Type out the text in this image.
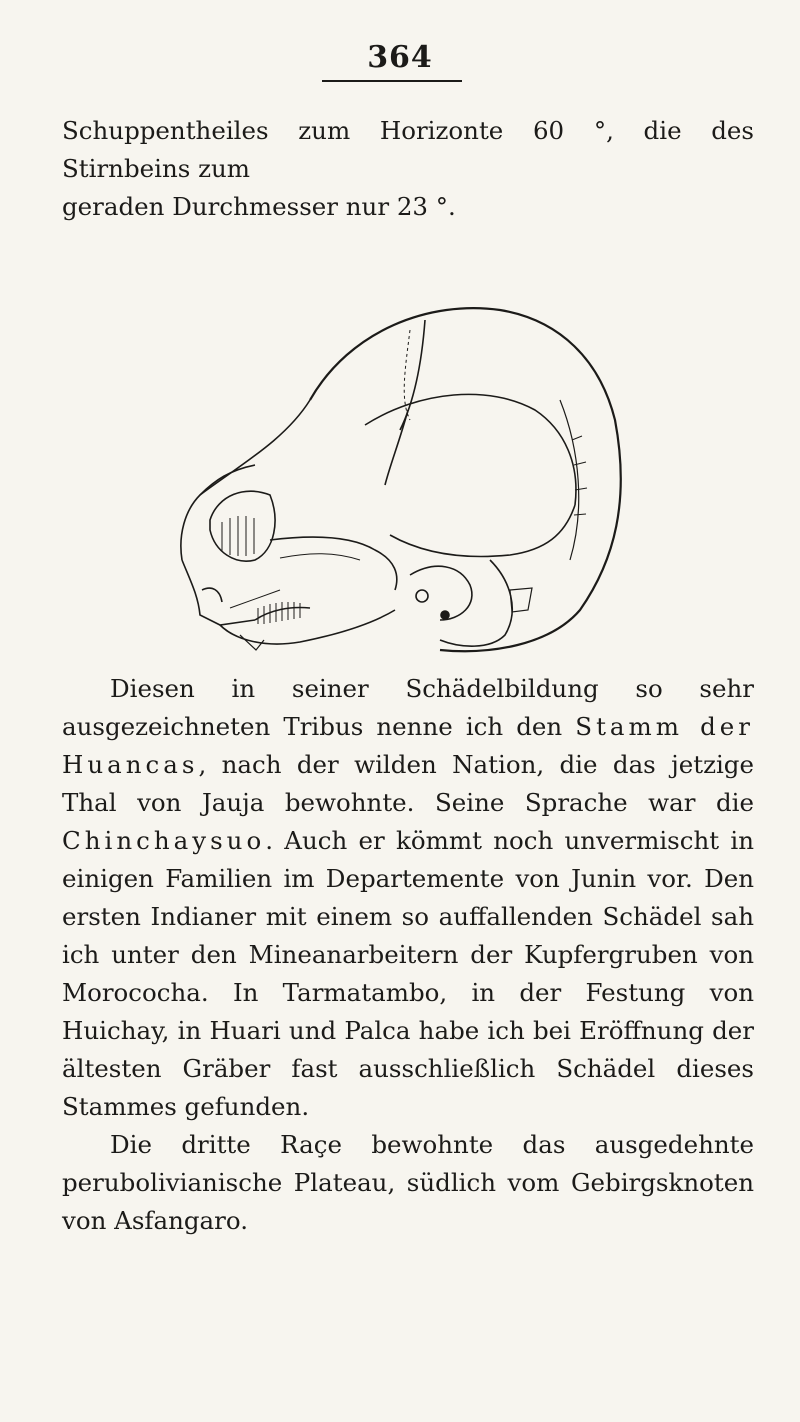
364

Schuppentheiles zum Horizonte 60 °, die des Stirnbeins zum

geraden Durchmesser nur 23 °.

Diesen in seiner Schädelbildung so sehr ausgezeichneten Tribus nenne ich den Stamm der Huancas, nach der wilden Nation, die das jetzige Thal von Jauja bewohnte. Seine Sprache war die Chinchaysuo. Auch er kömmt noch unvermischt in einigen Familien im Departemente von Junin vor. Den ersten Indianer mit einem so auffallenden Schädel sah ich unter den Mineanarbeitern der Kupfergruben von Morococha. In Tarmatambo, in der Festung von Huichay, in Huari und Palca habe ich bei Eröffnung der ältesten Gräber fast ausschließlich Schädel dieses Stammes gefunden.

Die dritte Raçe bewohnte das ausgedehnte perubolivianische Plateau, südlich vom Gebirgsknoten von Asfangaro.
